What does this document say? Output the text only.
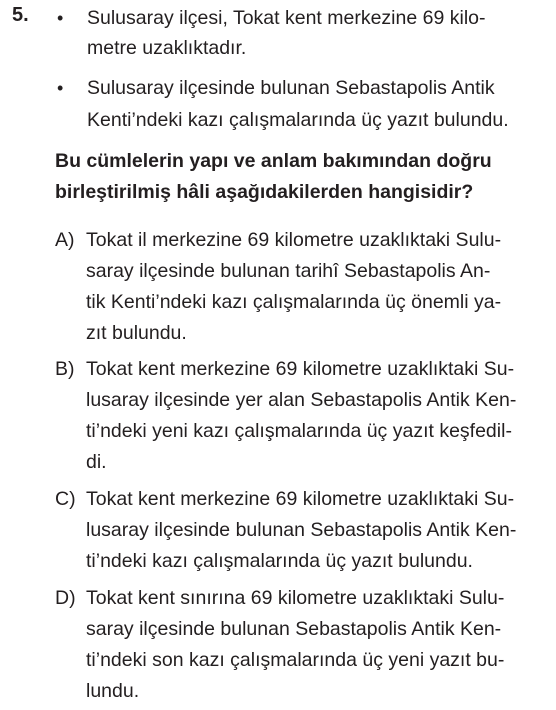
5. • Sulusaray ilçesi, Tokat kent merkezine 69 kilo-
metre uzaklıktadır.
• Sulusaray ilçesinde bulunan Sebastapolis Antik
Kenti’ndeki kazı çalışmalarında üç yazıt bulundu.
Bu cümlelerin yapı ve anlam bakımından doğru
birleştirilmiş hâli aşağıdakilerden hangisidir?
A) Tokat il merkezine 69 kilometre uzaklıktaki Sulu-
saray ilçesinde bulunan tarihî Sebastapolis An-
tik Kenti’ndeki kazı çalışmalarında üç önemli ya-
zıt bulundu.
B) Tokat kent merkezine 69 kilometre uzaklıktaki Su-
lusaray ilçesinde yer alan Sebastapolis Antik Ken-
ti’ndeki yeni kazı çalışmalarında üç yazıt keşfedil-
di.
C) Tokat kent merkezine 69 kilometre uzaklıktaki Su-
lusaray ilçesinde bulunan Sebastapolis Antik Ken-
ti’ndeki kazı çalışmalarında üç yazıt bulundu.
D) Tokat kent sınırına 69 kilometre uzaklıktaki Sulu-
saray ilçesinde bulunan Sebastapolis Antik Ken-
ti’ndeki son kazı çalışmalarında üç yeni yazıt bu-
lundu.
